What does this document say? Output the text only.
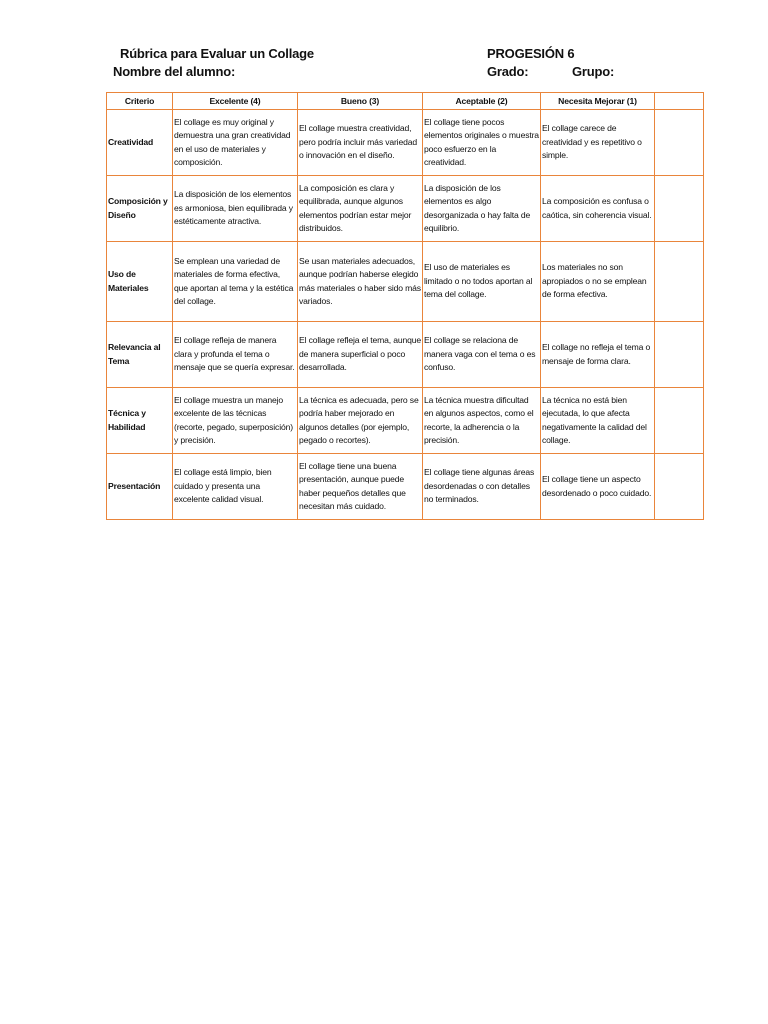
Rúbrica para Evaluar un Collage
Nombre del alumno:
PROGESIÓN 6
Grado:	Grupo:
Criterio	Excelente (4)	Bueno (3)	Aceptable (2)	Necesita Mejorar (1)	
Creatividad	El collage es muy original y demuestra una gran creatividad en el uso de materiales y composición.	El collage muestra creatividad, pero podría incluir más variedad o innovación en el diseño.	El collage tiene pocos elementos originales o muestra poco esfuerzo en la creatividad.	El collage carece de creatividad y es repetitivo o simple.	
Composición y Diseño	La disposición de los elementos es armoniosa, bien equilibrada y estéticamente atractiva.	La composición es clara y equilibrada, aunque algunos elementos podrían estar mejor distribuidos.	La disposición de los elementos es algo desorganizada o hay falta de equilibrio.	La composición es confusa o caótica, sin coherencia visual.	
Uso de Materiales	Se emplean una variedad de materiales de forma efectiva, que aportan al tema y la estética del collage.	Se usan materiales adecuados, aunque podrían haberse elegido más materiales o haber sido más variados.	El uso de materiales es limitado o no todos aportan al tema del collage.	Los materiales no son apropiados o no se emplean de forma efectiva.	
Relevancia al Tema	El collage refleja de manera clara y profunda el tema o mensaje que se quería expresar.	El collage refleja el tema, aunque de manera superficial o poco desarrollada.	El collage se relaciona de manera vaga con el tema o es confuso.	El collage no refleja el tema o mensaje de forma clara.	
Técnica y Habilidad	El collage muestra un manejo excelente de las técnicas (recorte, pegado, superposición) y precisión.	La técnica es adecuada, pero se podría haber mejorado en algunos detalles (por ejemplo, pegado o recortes).	La técnica muestra dificultad en algunos aspectos, como el recorte, la adherencia o la precisión.	La técnica no está bien ejecutada, lo que afecta negativamente la calidad del collage.	
Presentación	El collage está limpio, bien cuidado y presenta una excelente calidad visual.	El collage tiene una buena presentación, aunque puede haber pequeños detalles que necesitan más cuidado.	El collage tiene algunas áreas desordenadas o con detalles no terminados.	El collage tiene un aspecto desordenado o poco cuidado.	
